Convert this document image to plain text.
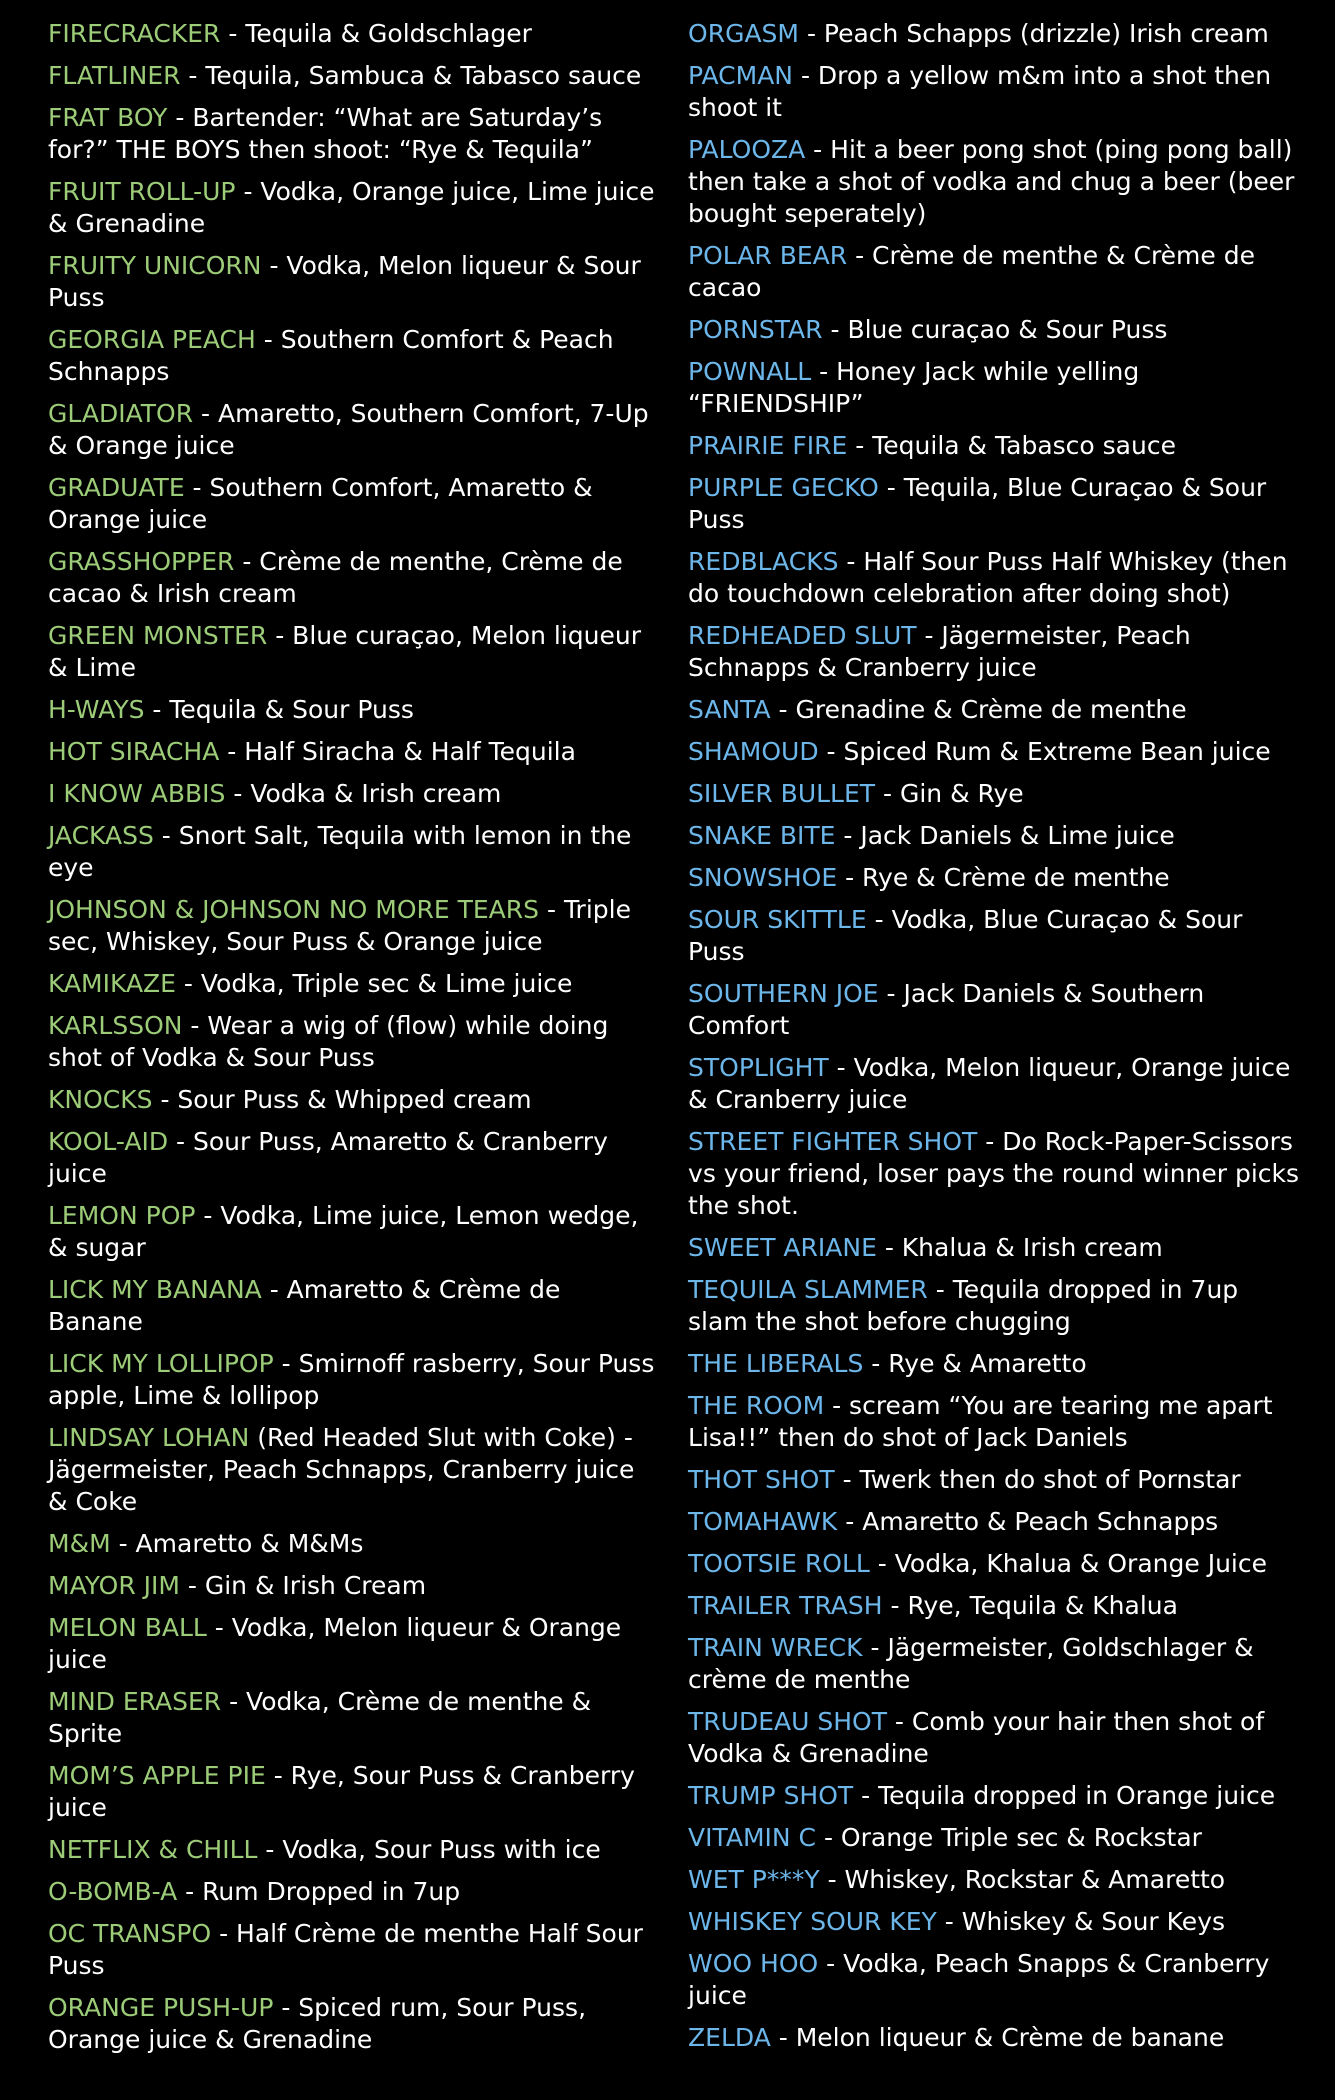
FIRECRACKER - Tequila & Goldschlager
FLATLINER - Tequila, Sambuca & Tabasco sauce
FRAT BOY - Bartender: “What are Saturday’s for?” THE BOYS then shoot: “Rye & Tequila”
FRUIT ROLL-UP - Vodka, Orange juice, Lime juice & Grenadine
FRUITY UNICORN - Vodka, Melon liqueur & Sour Puss
GEORGIA PEACH - Southern Comfort & Peach Schnapps
GLADIATOR - Amaretto, Southern Comfort, 7-Up & Orange juice
GRADUATE - Southern Comfort, Amaretto & Orange juice
GRASSHOPPER - Crème de menthe, Crème de cacao & Irish cream
GREEN MONSTER - Blue curaçao, Melon liqueur & Lime
H-WAYS - Tequila & Sour Puss
HOT SIRACHA - Half Siracha & Half Tequila
I KNOW ABBIS - Vodka & Irish cream
JACKASS - Snort Salt, Tequila with lemon in the eye
JOHNSON & JOHNSON NO MORE TEARS - Triple sec, Whiskey, Sour Puss & Orange juice
KAMIKAZE - Vodka, Triple sec & Lime juice
KARLSSON - Wear a wig of (flow) while doing shot of Vodka & Sour Puss
KNOCKS - Sour Puss & Whipped cream
KOOL-AID - Sour Puss, Amaretto & Cranberry juice
LEMON POP - Vodka, Lime juice, Lemon wedge, & sugar
LICK MY BANANA - Amaretto & Crème de Banane
LICK MY LOLLIPOP - Smirnoff rasberry, Sour Puss apple, Lime & lollipop
LINDSAY LOHAN (Red Headed Slut with Coke) - Jägermeister, Peach Schnapps, Cranberry juice & Coke
M&M - Amaretto & M&Ms
MAYOR JIM - Gin & Irish Cream
MELON BALL - Vodka, Melon liqueur & Orange juice
MIND ERASER - Vodka, Crème de menthe & Sprite
MOM’S APPLE PIE - Rye, Sour Puss & Cranberry juice
NETFLIX & CHILL - Vodka, Sour Puss with ice
O-BOMB-A - Rum Dropped in 7up
OC TRANSPO - Half Crème de menthe Half Sour Puss
ORANGE PUSH-UP - Spiced rum, Sour Puss, Orange juice & Grenadine
ORGASM - Peach Schapps (drizzle) Irish cream
PACMAN - Drop a yellow m&m into a shot then shoot it
PALOOZA - Hit a beer pong shot (ping pong ball) then take a shot of vodka and chug a beer (beer bought seperately)
POLAR BEAR - Crème de menthe & Crème de cacao
PORNSTAR - Blue curaçao & Sour Puss
POWNALL - Honey Jack while yelling “FRIENDSHIP”
PRAIRIE FIRE - Tequila & Tabasco sauce
PURPLE GECKO - Tequila, Blue Curaçao & Sour Puss
REDBLACKS - Half Sour Puss Half Whiskey (then do touchdown celebration after doing shot)
REDHEADED SLUT - Jägermeister, Peach Schnapps & Cranberry juice
SANTA - Grenadine & Crème de menthe
SHAMOUD - Spiced Rum & Extreme Bean juice
SILVER BULLET - Gin & Rye
SNAKE BITE - Jack Daniels & Lime juice
SNOWSHOE - Rye & Crème de menthe
SOUR SKITTLE - Vodka, Blue Curaçao & Sour Puss
SOUTHERN JOE - Jack Daniels & Southern Comfort
STOPLIGHT - Vodka, Melon liqueur, Orange juice & Cranberry juice
STREET FIGHTER SHOT - Do Rock-Paper-Scissors vs your friend, loser pays the round winner picks the shot.
SWEET ARIANE - Khalua & Irish cream
TEQUILA SLAMMER - Tequila dropped in 7up slam the shot before chugging
THE LIBERALS - Rye & Amaretto
THE ROOM - scream “You are tearing me apart Lisa!!” then do shot of Jack Daniels
THOT SHOT - Twerk then do shot of Pornstar
TOMAHAWK - Amaretto & Peach Schnapps
TOOTSIE ROLL - Vodka, Khalua & Orange Juice
TRAILER TRASH - Rye, Tequila & Khalua
TRAIN WRECK - Jägermeister, Goldschlager & crème de menthe
TRUDEAU SHOT - Comb your hair then shot of Vodka & Grenadine
TRUMP SHOT - Tequila dropped in Orange juice
VITAMIN C - Orange Triple sec & Rockstar
WET P***Y - Whiskey, Rockstar & Amaretto
WHISKEY SOUR KEY - Whiskey & Sour Keys
WOO HOO - Vodka, Peach Snapps & Cranberry juice
ZELDA - Melon liqueur & Crème de banane
